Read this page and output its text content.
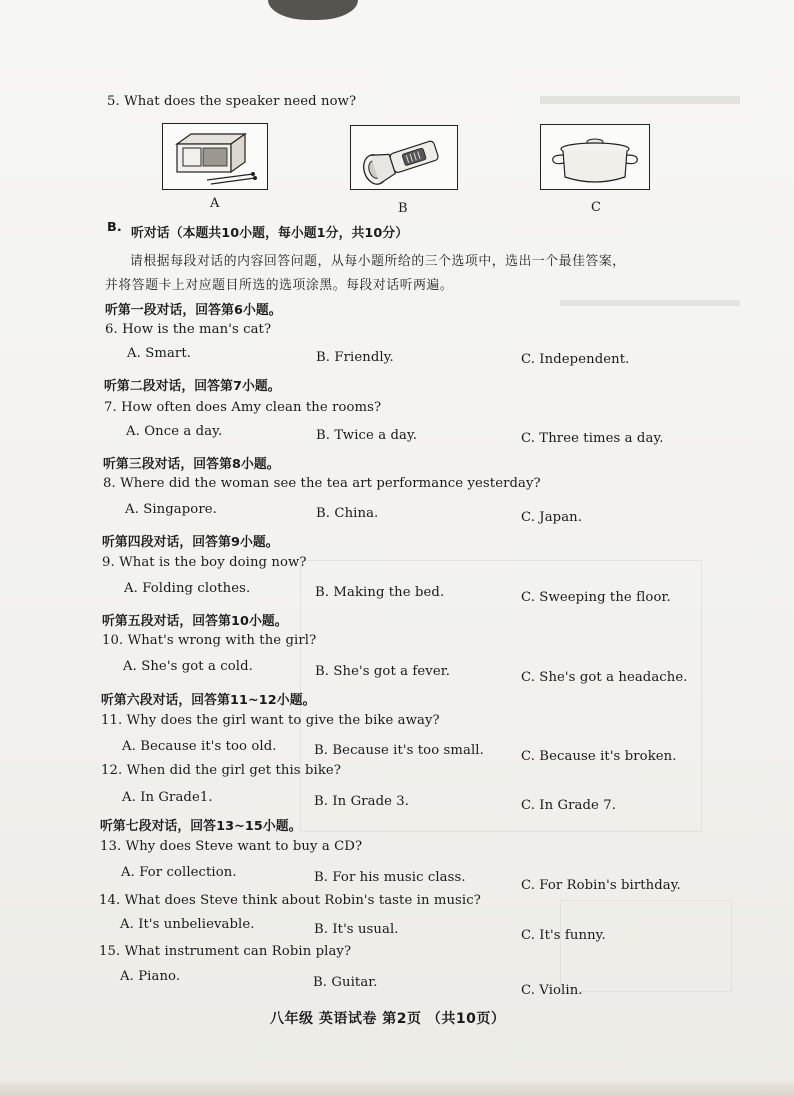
5. What does the speaker need now?
A	B	C
B. 听对话（本题共10小题，每小题1分，共10分）
请根据每段对话的内容回答问题，从每小题所给的三个选项中，选出一个最佳答案，
并将答题卡上对应题目所选的选项涂黑。每段对话听两遍。
听第一段对话，回答第6小题。
6. How is the man's cat?
A. Smart.	B. Friendly.	C. Independent.
听第二段对话，回答第7小题。
7. How often does Amy clean the rooms?
A. Once a day.	B. Twice a day.	C. Three times a day.
听第三段对话，回答第8小题。
8. Where did the woman see the tea art performance yesterday?
A. Singapore.	B. China.	C. Japan.
听第四段对话，回答第9小题。
9. What is the boy doing now?
A. Folding clothes.	B. Making the bed.	C. Sweeping the floor.
听第五段对话，回答第10小题。
10. What's wrong with the girl?
A. She's got a cold.	B. She's got a fever.	C. She's got a headache.
听第六段对话，回答第11~12小题。
11. Why does the girl want to give the bike away?
A. Because it's too old.	B. Because it's too small.	C. Because it's broken.
12. When did the girl get this bike?
A. In Grade1.	B. In Grade 3.	C. In Grade 7.
听第七段对话，回答13~15小题。
13. Why does Steve want to buy a CD?
A. For collection.	B. For his music class.
C. For Robin's birthday.
14. What does Steve think about Robin's taste in music?
A. It's unbelievable.	B. It's usual.	C. It's funny.
15. What instrument can Robin play?
A. Piano.	B. Guitar.
C. Violin.
八年级 英语试卷 第2页 （共10页）
